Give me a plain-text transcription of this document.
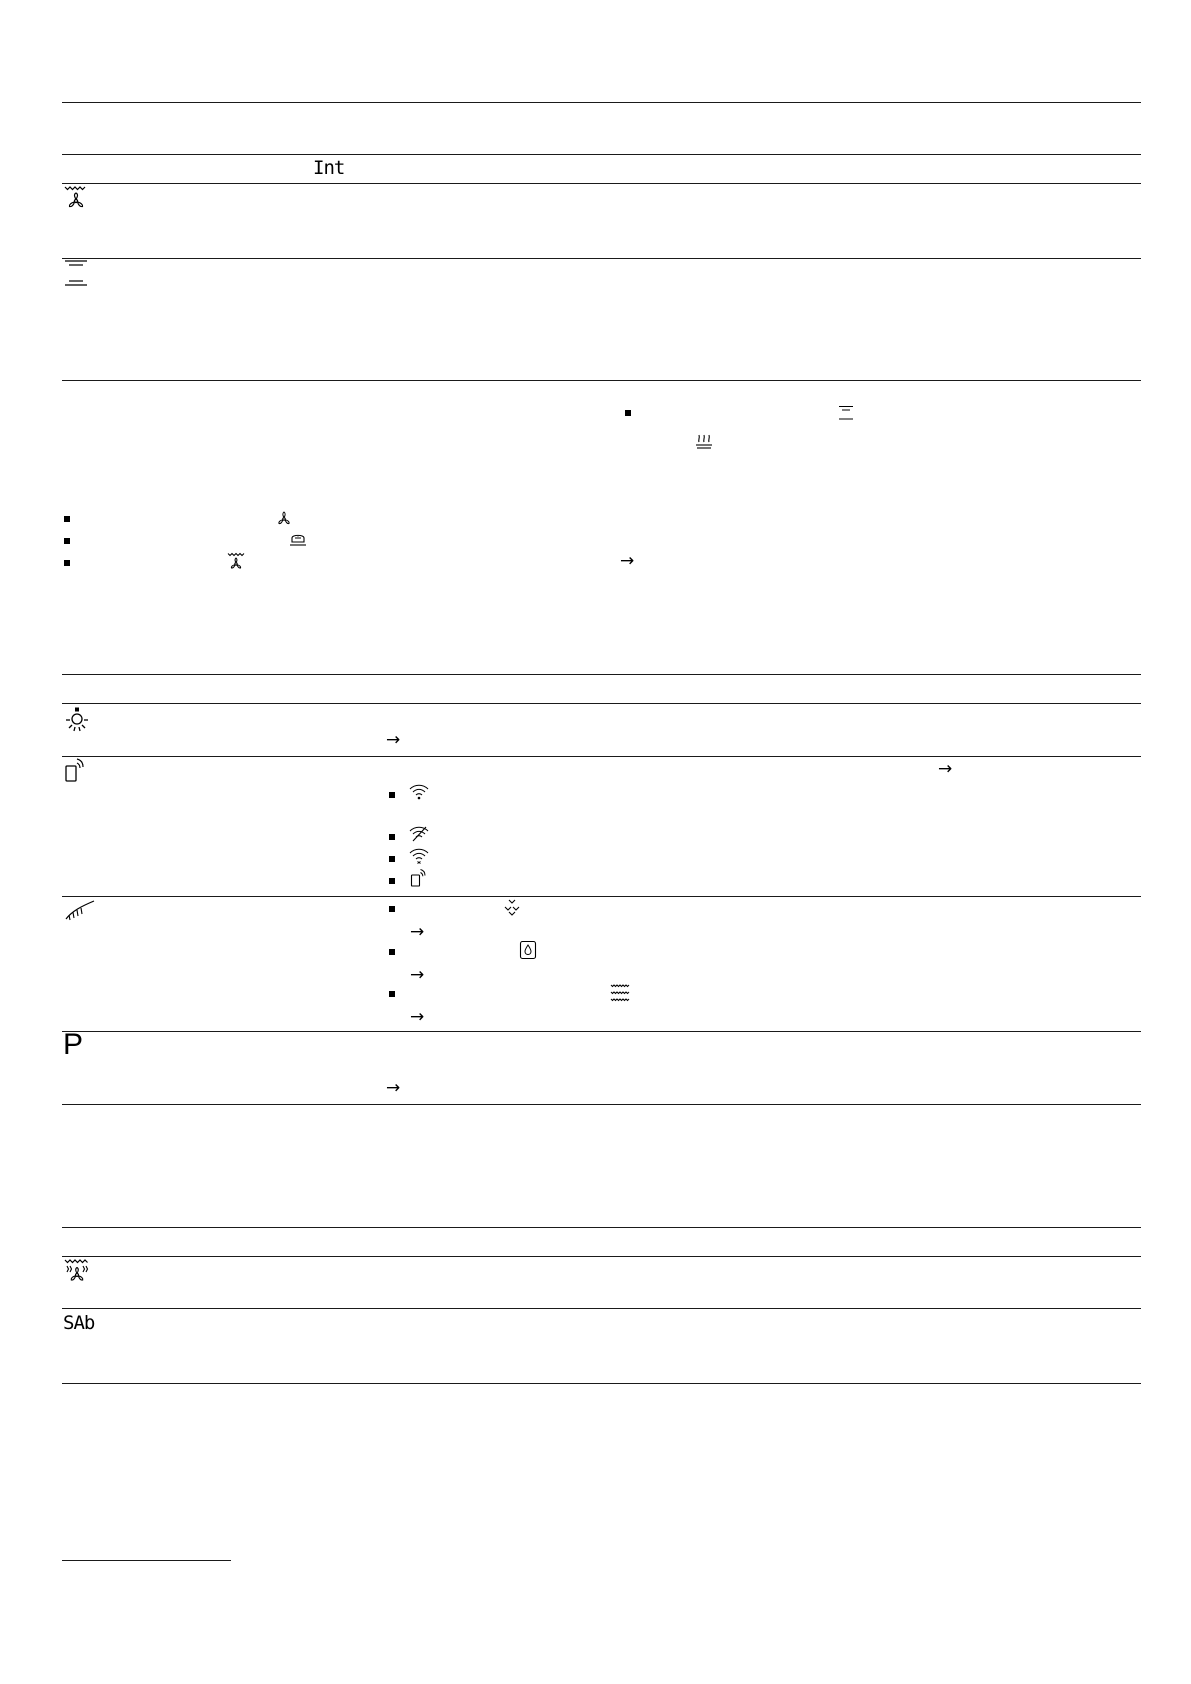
Int
→
→
→
→
→
→
P
→
SAb
